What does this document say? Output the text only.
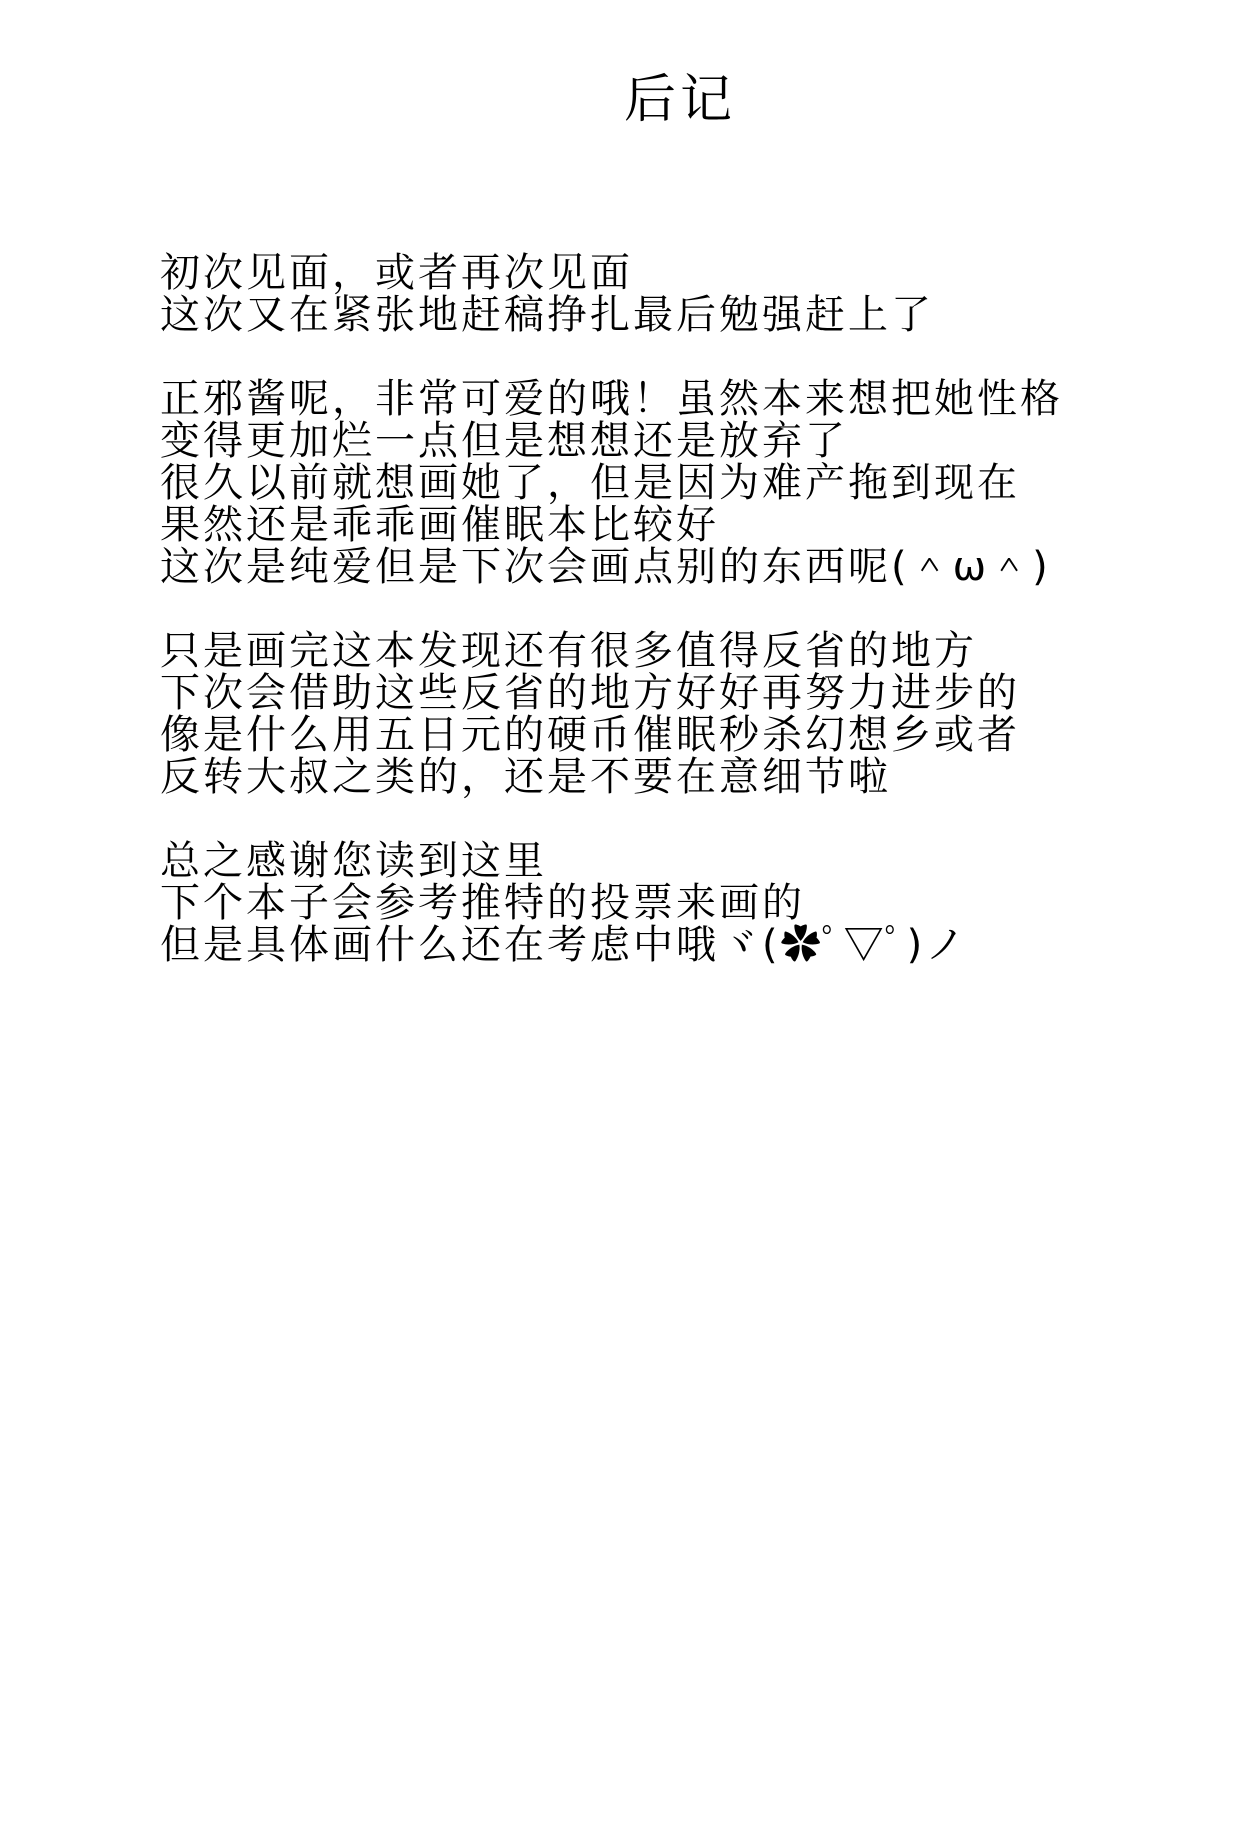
后记

初次见面，或者再次见面

这次又在紧张地赶稿挣扎最后勉强赶上了

正邪酱呢，非常可爱的哦！虽然本来想把她性格

变得更加烂一点但是想想还是放弃了

很久以前就想画她了，但是因为难产拖到现在

果然还是乖乖画催眠本比较好

这次是纯爱但是下次会画点别的东西呢(＾ω＾)

只是画完这本发现还有很多值得反省的地方

下次会借助这些反省的地方好好再努力进步的

像是什么用五日元的硬币催眠秒杀幻想乡或者

反转大叔之类的，还是不要在意细节啦

总之感谢您读到这里

下个本子会参考推特的投票来画的

但是具体画什么还在考虑中哦ヾ(✿ﾟ▽ﾟ)ノ
